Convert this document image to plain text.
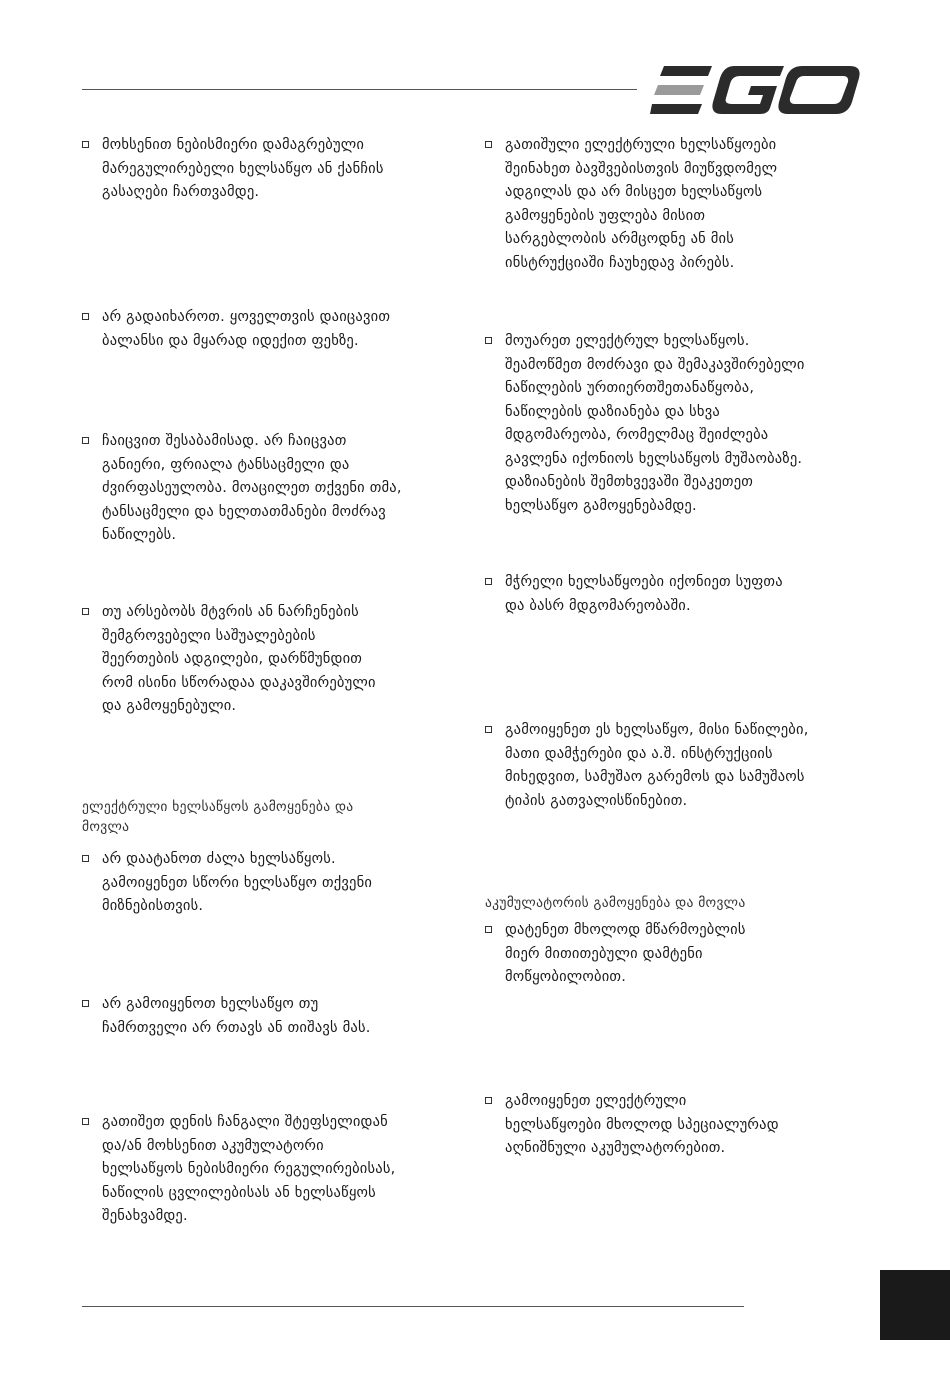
მოხსენით ნებისმიერი დამაგრებული
მარეგულირებელი ხელსაწყო ან ქანჩის
გასაღები ჩართვამდე.
არ გადაიხაროთ. ყოველთვის დაიცავით
ბალანსი და მყარად იდექით ფეხზე.
ჩაიცვით შესაბამისად. არ ჩაიცვათ
განიერი, ფრიალა ტანსაცმელი და
ძვირფასეულობა. მოაცილეთ თქვენი თმა,
ტანსაცმელი და ხელთათმანები მოძრავ
ნაწილებს.
თუ არსებობს მტვრის ან ნარჩენების
შემგროვებელი საშუალებების
შეერთების ადგილები, დარწმუნდით
რომ ისინი სწორადაა დაკავშირებული
და გამოყენებული.
ელექტრული ხელსაწყოს გამოყენება და
მოვლა
არ დაატანოთ ძალა ხელსაწყოს.
გამოიყენეთ სწორი ხელსაწყო თქვენი
მიზნებისთვის.
არ გამოიყენოთ ხელსაწყო თუ
ჩამრთველი არ რთავს ან თიშავს მას.
გათიშეთ დენის ჩანგალი შტეფსელიდან
და/ან მოხსენით აკუმულატორი
ხელსაწყოს ნებისმიერი რეგულირებისას,
ნაწილის ცვლილებისას ან ხელსაწყოს
შენახვამდე.
გათიშული ელექტრული ხელსაწყოები
შეინახეთ ბავშვებისთვის მიუწვდომელ
ადგილას და არ მისცეთ ხელსაწყოს
გამოყენების უფლება მისით
სარგებლობის არმცოდნე ან მის
ინსტრუქციაში ჩაუხედავ პირებს.
მოუარეთ ელექტრულ ხელსაწყოს.
შეამოწმეთ მოძრავი და შემაკავშირებელი
ნაწილების ურთიერთშეთანაწყობა,
ნაწილების დაზიანება და სხვა
მდგომარეობა, რომელმაც შეიძლება
გავლენა იქონიოს ხელსაწყოს მუშაობაზე.
დაზიანების შემთხვევაში შეაკეთეთ
ხელსაწყო გამოყენებამდე.
მჭრელი ხელსაწყოები იქონიეთ სუფთა
და ბასრ მდგომარეობაში.
გამოიყენეთ ეს ხელსაწყო, მისი ნაწილები,
მათი დამჭერები და ა.შ. ინსტრუქციის
მიხედვით, სამუშაო გარემოს და სამუშაოს
ტიპის გათვალისწინებით.
აკუმულატორის გამოყენება და მოვლა
დატენეთ მხოლოდ მწარმოებლის
მიერ მითითებული დამტენი
მოწყობილობით.
გამოიყენეთ ელექტრული
ხელსაწყოები მხოლოდ სპეციალურად
აღნიშნული აკუმულატორებით.
